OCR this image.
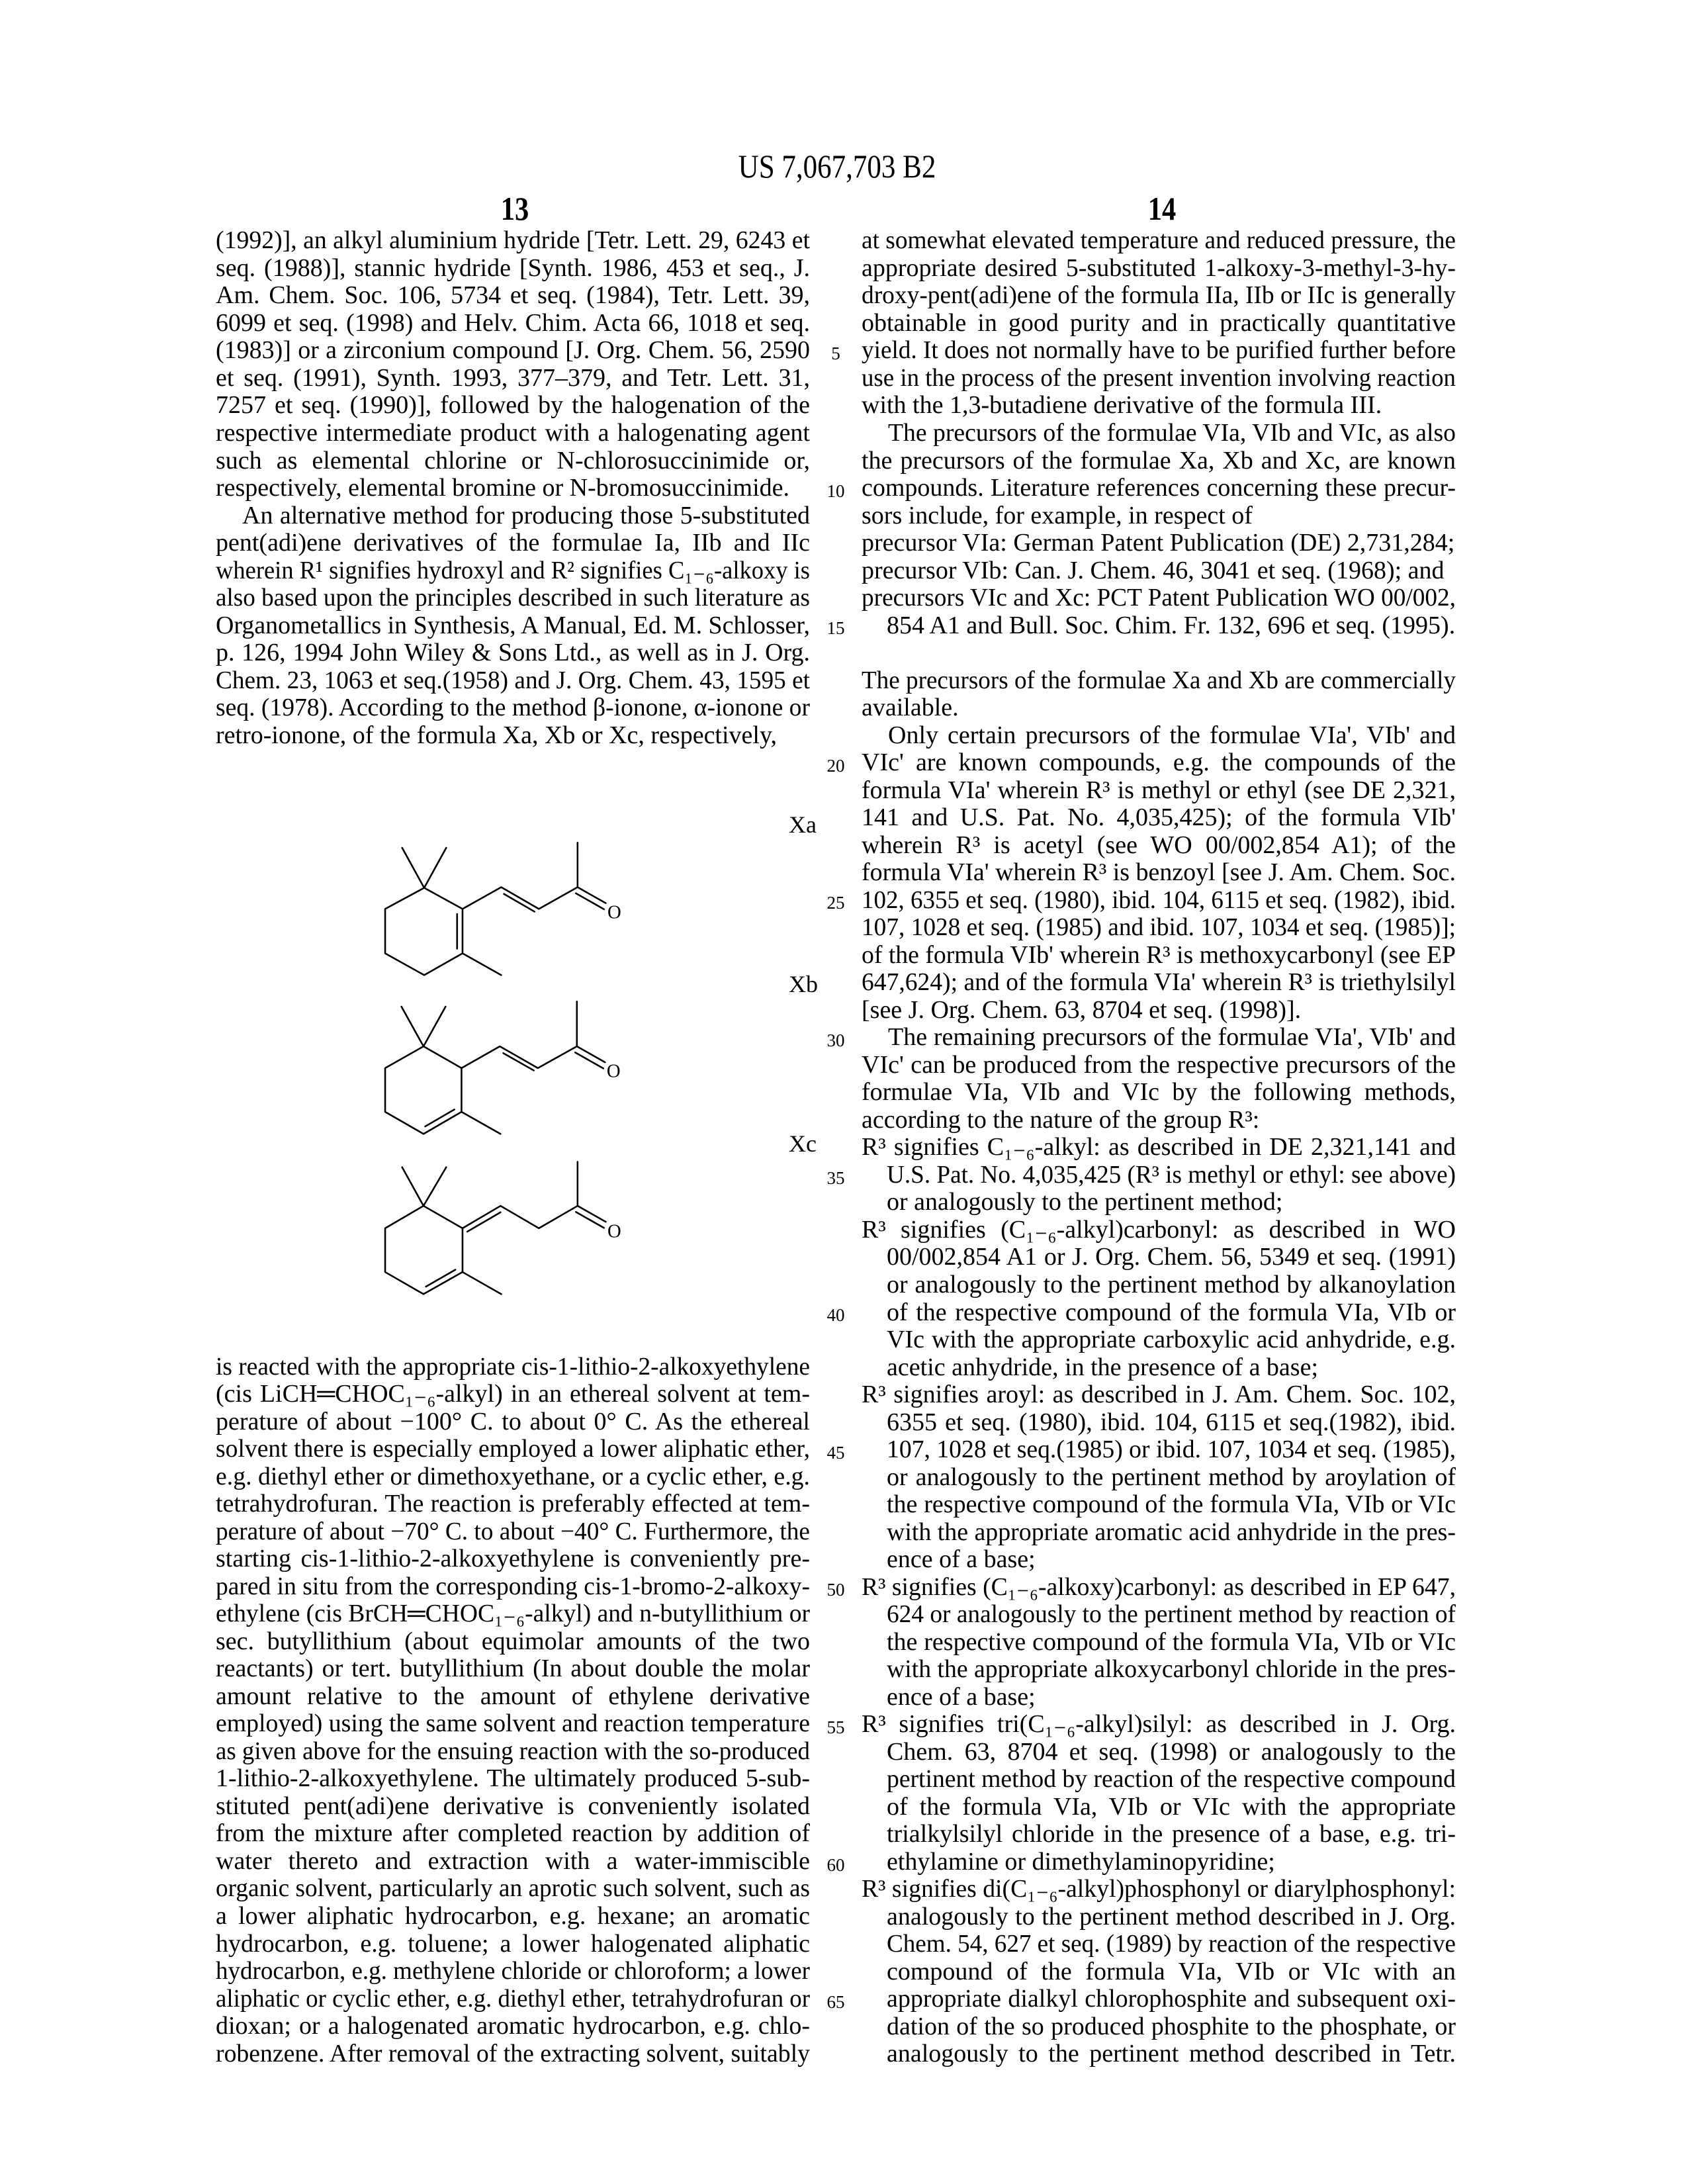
US 7,067,703 B2
13	14
(1992)], an alkyl aluminium hydride [Tetr. Lett. 29, 6243 et
seq. (1988)], stannic hydride [Synth. 1986, 453 et seq., J.
Am. Chem. Soc. 106, 5734 et seq. (1984), Tetr. Lett. 39,
6099 et seq. (1998) and Helv. Chim. Acta 66, 1018 et seq.
(1983)] or a zirconium compound [J. Org. Chem. 56, 2590
et seq. (1991), Synth. 1993, 377–379, and Tetr. Lett. 31,
7257 et seq. (1990)], followed by the halogenation of the
respective intermediate product with a halogenating agent
such as elemental chlorine or N-chlorosuccinimide or,
respectively, elemental bromine or N-bromosuccinimide.
An alternative method for producing those 5-substituted
pent(adi)ene derivatives of the formulae Ia, IIb and IIc
wherein R¹ signifies hydroxyl and R² signifies C₁₋₆-alkoxy is
also based upon the principles described in such literature as
Organometallics in Synthesis, A Manual, Ed. M. Schlosser,
p. 126, 1994 John Wiley & Sons Ltd., as well as in J. Org.
Chem. 23, 1063 et seq.(1958) and J. Org. Chem. 43, 1595 et
seq. (1978). According to the method β-ionone, α-ionone or
retro-ionone, of the formula Xa, Xb or Xc, respectively,
is reacted with the appropriate cis-1-lithio-2-alkoxyethylene
(cis LiCH═CHOC₁₋₆-alkyl) in an ethereal solvent at tem-
perature of about −100° C. to about 0° C. As the ethereal
solvent there is especially employed a lower aliphatic ether,
e.g. diethyl ether or dimethoxyethane, or a cyclic ether, e.g.
tetrahydrofuran. The reaction is preferably effected at tem-
perature of about −70° C. to about −40° C. Furthermore, the
starting cis-1-lithio-2-alkoxyethylene is conveniently pre-
pared in situ from the corresponding cis-1-bromo-2-alkoxy-
ethylene (cis BrCH═CHOC₁₋₆-alkyl) and n-butyllithium or
sec. butyllithium (about equimolar amounts of the two
reactants) or tert. butyllithium (In about double the molar
amount relative to the amount of ethylene derivative
employed) using the same solvent and reaction temperature
as given above for the ensuing reaction with the so-produced
1-lithio-2-alkoxyethylene. The ultimately produced 5-sub-
stituted pent(adi)ene derivative is conveniently isolated
from the mixture after completed reaction by addition of
water thereto and extraction with a water-immiscible
organic solvent, particularly an aprotic such solvent, such as
a lower aliphatic hydrocarbon, e.g. hexane; an aromatic
hydrocarbon, e.g. toluene; a lower halogenated aliphatic
hydrocarbon, e.g. methylene chloride or chloroform; a lower
aliphatic or cyclic ether, e.g. diethyl ether, tetrahydrofuran or
dioxan; or a halogenated aromatic hydrocarbon, e.g. chlo-
robenzene. After removal of the extracting solvent, suitably
at somewhat elevated temperature and reduced pressure, the
appropriate desired 5-substituted 1-alkoxy-3-methyl-3-hy-
droxy-pent(adi)ene of the formula IIa, IIb or IIc is generally
obtainable in good purity and in practically quantitative
yield. It does not normally have to be purified further before
use in the process of the present invention involving reaction
with the 1,3-butadiene derivative of the formula III.
The precursors of the formulae VIa, VIb and VIc, as also
the precursors of the formulae Xa, Xb and Xc, are known
compounds. Literature references concerning these precur-
sors include, for example, in respect of
precursor VIa: German Patent Publication (DE) 2,731,284;
precursor VIb: Can. J. Chem. 46, 3041 et seq. (1968); and
precursors VIc and Xc: PCT Patent Publication WO 00/002,
854 A1 and Bull. Soc. Chim. Fr. 132, 696 et seq. (1995).
The precursors of the formulae Xa and Xb are commercially
available.
Only certain precursors of the formulae VIa', VIb' and
VIc' are known compounds, e.g. the compounds of the
formula VIa' wherein R³ is methyl or ethyl (see DE 2,321,
141 and U.S. Pat. No. 4,035,425); of the formula VIb'
wherein R³ is acetyl (see WO 00/002,854 A1); of the
formula VIa' wherein R³ is benzoyl [see J. Am. Chem. Soc.
102, 6355 et seq. (1980), ibid. 104, 6115 et seq. (1982), ibid.
107, 1028 et seq. (1985) and ibid. 107, 1034 et seq. (1985)];
of the formula VIb' wherein R³ is methoxycarbonyl (see EP
647,624); and of the formula VIa' wherein R³ is triethylsilyl
[see J. Org. Chem. 63, 8704 et seq. (1998)].
The remaining precursors of the formulae VIa', VIb' and
VIc' can be produced from the respective precursors of the
formulae VIa, VIb and VIc by the following methods,
according to the nature of the group R³:
R³ signifies C₁₋₆-alkyl: as described in DE 2,321,141 and
U.S. Pat. No. 4,035,425 (R³ is methyl or ethyl: see above)
or analogously to the pertinent method;
R³ signifies (C₁₋₆-alkyl)carbonyl: as described in WO
00/002,854 A1 or J. Org. Chem. 56, 5349 et seq. (1991)
or analogously to the pertinent method by alkanoylation
of the respective compound of the formula VIa, VIb or
VIc with the appropriate carboxylic acid anhydride, e.g.
acetic anhydride, in the presence of a base;
R³ signifies aroyl: as described in J. Am. Chem. Soc. 102,
6355 et seq. (1980), ibid. 104, 6115 et seq.(1982), ibid.
107, 1028 et seq.(1985) or ibid. 107, 1034 et seq. (1985),
or analogously to the pertinent method by aroylation of
the respective compound of the formula VIa, VIb or VIc
with the appropriate aromatic acid anhydride in the pres-
ence of a base;
R³ signifies (C₁₋₆-alkoxy)carbonyl: as described in EP 647,
624 or analogously to the pertinent method by reaction of
the respective compound of the formula VIa, VIb or VIc
with the appropriate alkoxycarbonyl chloride in the pres-
ence of a base;
R³ signifies tri(C₁₋₆-alkyl)silyl: as described in J. Org.
Chem. 63, 8704 et seq. (1998) or analogously to the
pertinent method by reaction of the respective compound
of the formula VIa, VIb or VIc with the appropriate
trialkylsilyl chloride in the presence of a base, e.g. tri-
ethylamine or dimethylaminopyridine;
R³ signifies di(C₁₋₆-alkyl)phosphonyl or diarylphosphonyl:
analogously to the pertinent method described in J. Org.
Chem. 54, 627 et seq. (1989) by reaction of the respective
compound of the formula VIa, VIb or VIc with an
appropriate dialkyl chlorophosphite and subsequent oxi-
dation of the so produced phosphite to the phosphate, or
analogously to the pertinent method described in Tetr.
5
10
15
20
25
30
35
40
45
50
55
60
65
Xa
Xb
Xc
O
O
O
